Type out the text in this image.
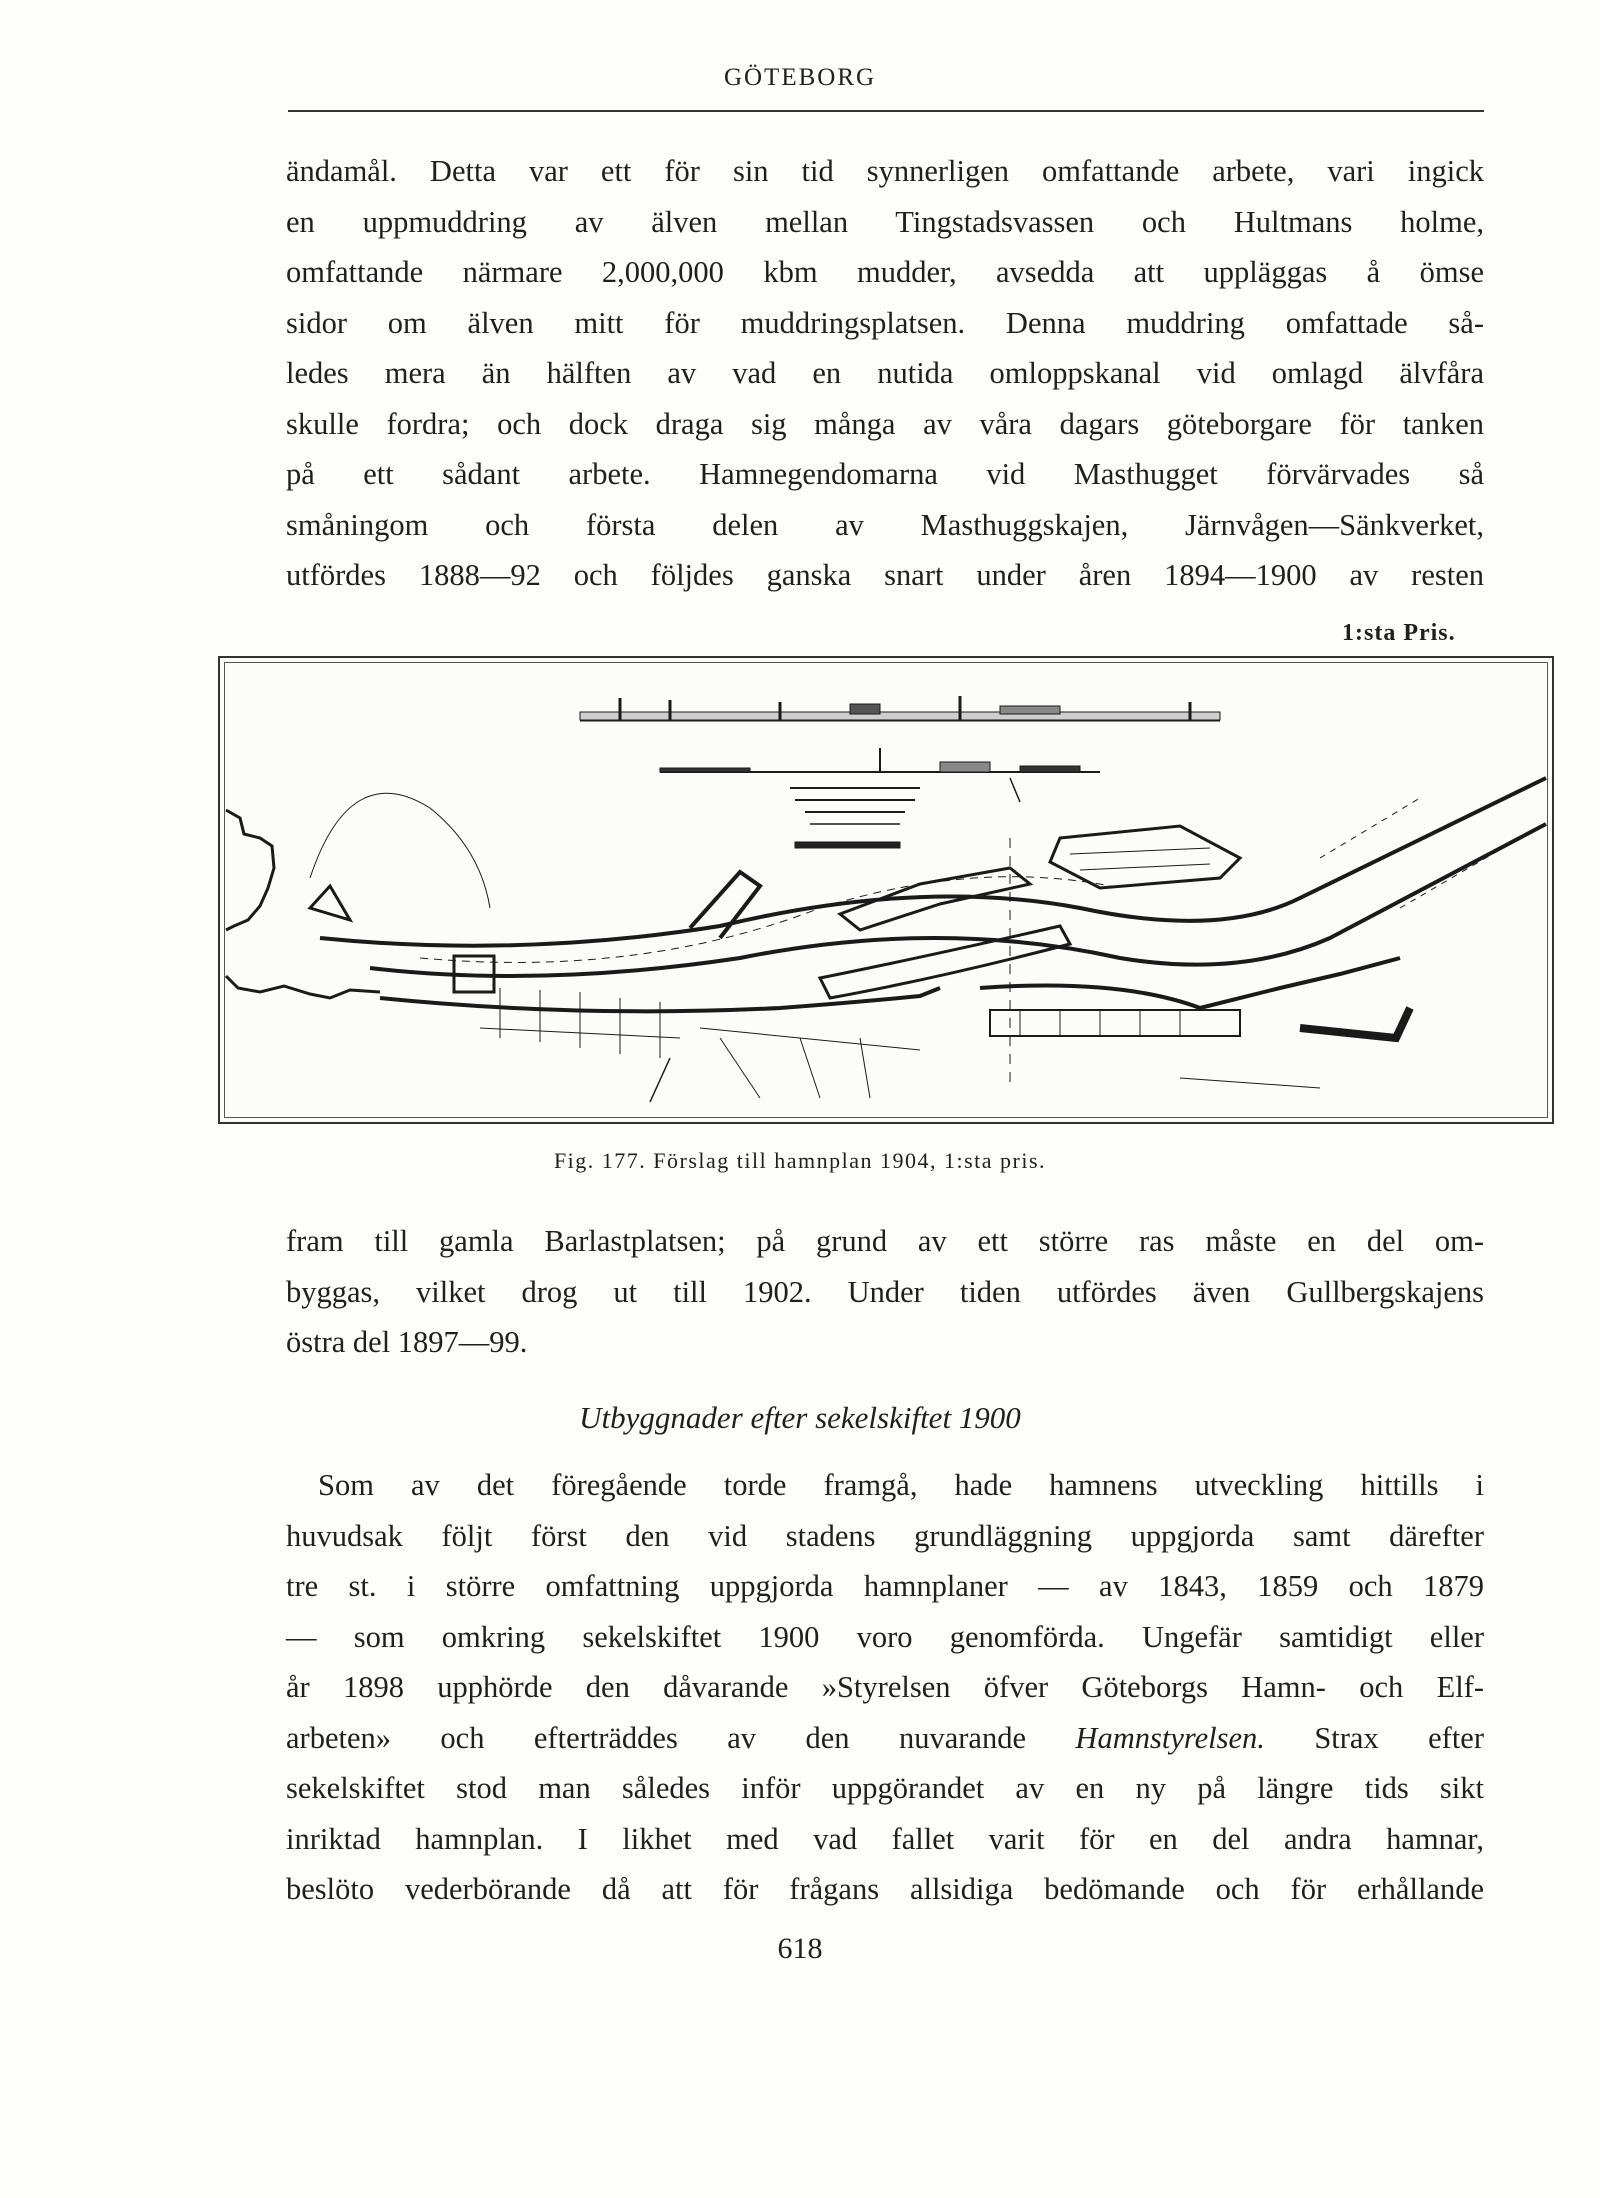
GÖTEBORG
ändamål. Detta var ett för sin tid synnerligen omfattande arbete, vari ingick
en uppmuddring av älven mellan Tingstadsvassen och Hultmans holme,
omfattande närmare 2,000,000 kbm mudder, avsedda att uppläggas å ömse
sidor om älven mitt för muddringsplatsen. Denna muddring omfattade så-
ledes mera än hälften av vad en nutida omloppskanal vid omlagd älvfåra
skulle fordra; och dock draga sig många av våra dagars göteborgare för tanken
på ett sådant arbete. Hamnegendomarna vid Masthugget förvärvades så
småningom och första delen av Masthuggskajen, Järnvågen—Sänkverket,
utfördes 1888—92 och följdes ganska snart under åren 1894—1900 av resten
1:sta Pris.
Fig. 177. Förslag till hamnplan 1904, 1:sta pris.
fram till gamla Barlastplatsen; på grund av ett större ras måste en del om-
byggas, vilket drog ut till 1902. Under tiden utfördes även Gullbergskajens
östra del 1897—99.
Utbyggnader efter sekelskiftet 1900
Som av det föregående torde framgå, hade hamnens utveckling hittills i
huvudsak följt först den vid stadens grundläggning uppgjorda samt därefter
tre st. i större omfattning uppgjorda hamnplaner — av 1843, 1859 och 1879
— som omkring sekelskiftet 1900 voro genomförda. Ungefär samtidigt eller
år 1898 upphörde den dåvarande »Styrelsen öfver Göteborgs Hamn- och Elf-
arbeten» och efterträddes av den nuvarande Hamnstyrelsen. Strax efter
sekelskiftet stod man således inför uppgörandet av en ny på längre tids sikt
inriktad hamnplan. I likhet med vad fallet varit för en del andra hamnar,
beslöto vederbörande då att för frågans allsidiga bedömande och för erhållande
618
